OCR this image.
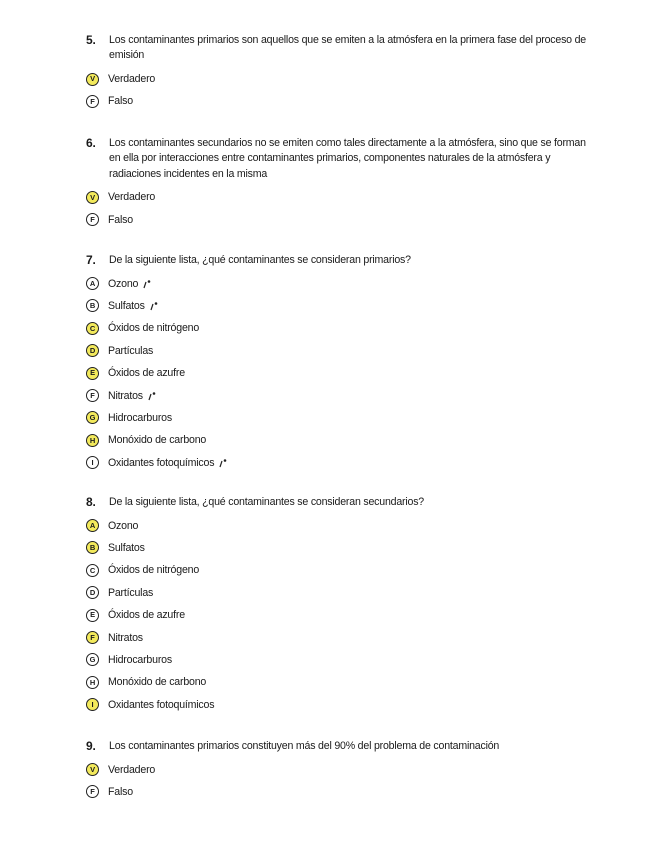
5. Los contaminantes primarios son aquellos que se emiten a la atmósfera en la primera fase del proceso de emisión
V	Verdadero
F	Falso
6. Los contaminantes secundarios no se emiten como tales directamente a la atmósfera, sino que se forman en ella por interacciones entre contaminantes primarios, componentes naturales de la atmósfera y radiaciones incidentes en la misma
V	Verdadero
F	Falso
7. De la siguiente lista, ¿qué contaminantes se consideran primarios?
A	Ozono
B	Sulfatos
C	Óxidos de nitrógeno
D	Partículas
E	Óxidos de azufre
F	Nitratos
G	Hidrocarburos
H	Monóxido de carbono
I	Oxidantes fotoquímicos
8. De la siguiente lista, ¿qué contaminantes se consideran secundarios?
A	Ozono
B	Sulfatos
C	Óxidos de nitrógeno
D	Partículas
E	Óxidos de azufre
F	Nitratos
G	Hidrocarburos
H	Monóxido de carbono
I	Oxidantes fotoquímicos
9. Los contaminantes primarios constituyen más del 90% del problema de contaminación
V	Verdadero
F	Falso
